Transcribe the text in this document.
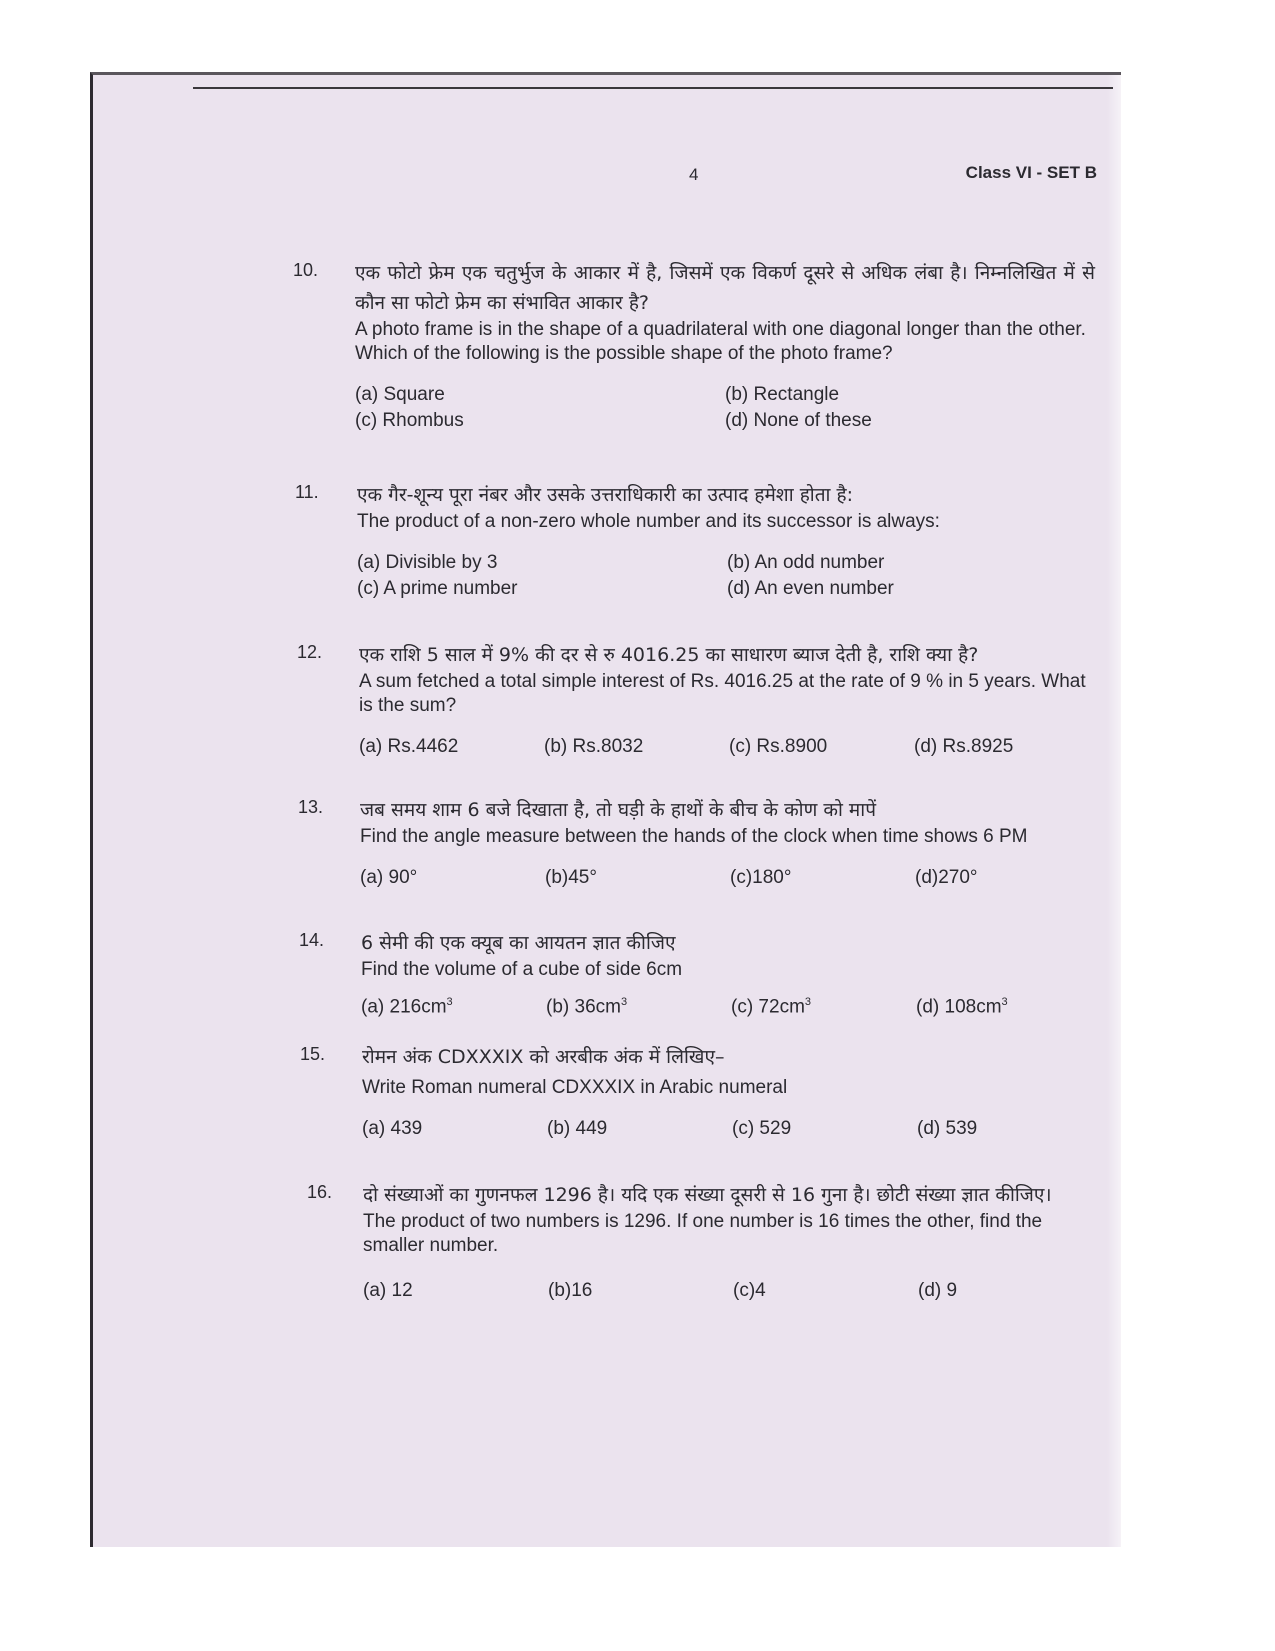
4	Class VI - SET B
10. एक फोटो फ्रेम एक चतुर्भुज के आकार में है, जिसमें एक विकर्ण दूसरे से अधिक लंबा है। निम्नलिखित में से कौन सा फोटो फ्रेम का संभावित आकार है?
A photo frame is in the shape of a quadrilateral with one diagonal longer than the other. Which of the following is the possible shape of the photo frame?
(a) Square	(b) Rectangle
(c) Rhombus	(d) None of these
11. एक गैर-शून्य पूरा नंबर और उसके उत्तराधिकारी का उत्पाद हमेशा होता है:
The product of a non-zero whole number and its successor is always:
(a) Divisible by 3	(b) An odd number
(c) A prime number	(d) An even number
12. एक राशि 5 साल में 9% की दर से रु 4016.25 का साधारण ब्याज देती है, राशि क्या है?
A sum fetched a total simple interest of Rs. 4016.25 at the rate of 9 % in 5 years. What is the sum?
(a) Rs.4462	(b) Rs.8032	(c) Rs.8900	(d) Rs.8925
13. जब समय शाम 6 बजे दिखाता है, तो घड़ी के हाथों के बीच के कोण को मापें
Find the angle measure between the hands of the clock when time shows 6 PM
(a) 90°	(b)45°	(c)180°	(d)270°
14. 6 सेमी की एक क्यूब का आयतन ज्ञात कीजिए
Find the volume of a cube of side 6cm
(a) $216cm^3$	(b) $36cm^3$	(c) $72cm^3$	(d) $108cm^3$
15. रोमन अंक CDXXXIX को अरबीक अंक में लिखिए–
Write Roman numeral CDXXXIX in Arabic numeral
(a) 439	(b) 449	(c) 529	(d) 539
16. दो संख्याओं का गुणनफल 1296 है। यदि एक संख्या दूसरी से 16 गुना है। छोटी संख्या ज्ञात कीजिए।
The product of two numbers is 1296. If one number is 16 times the other, find the smaller number.
(a) 12	(b)16	(c)4	(d) 9
